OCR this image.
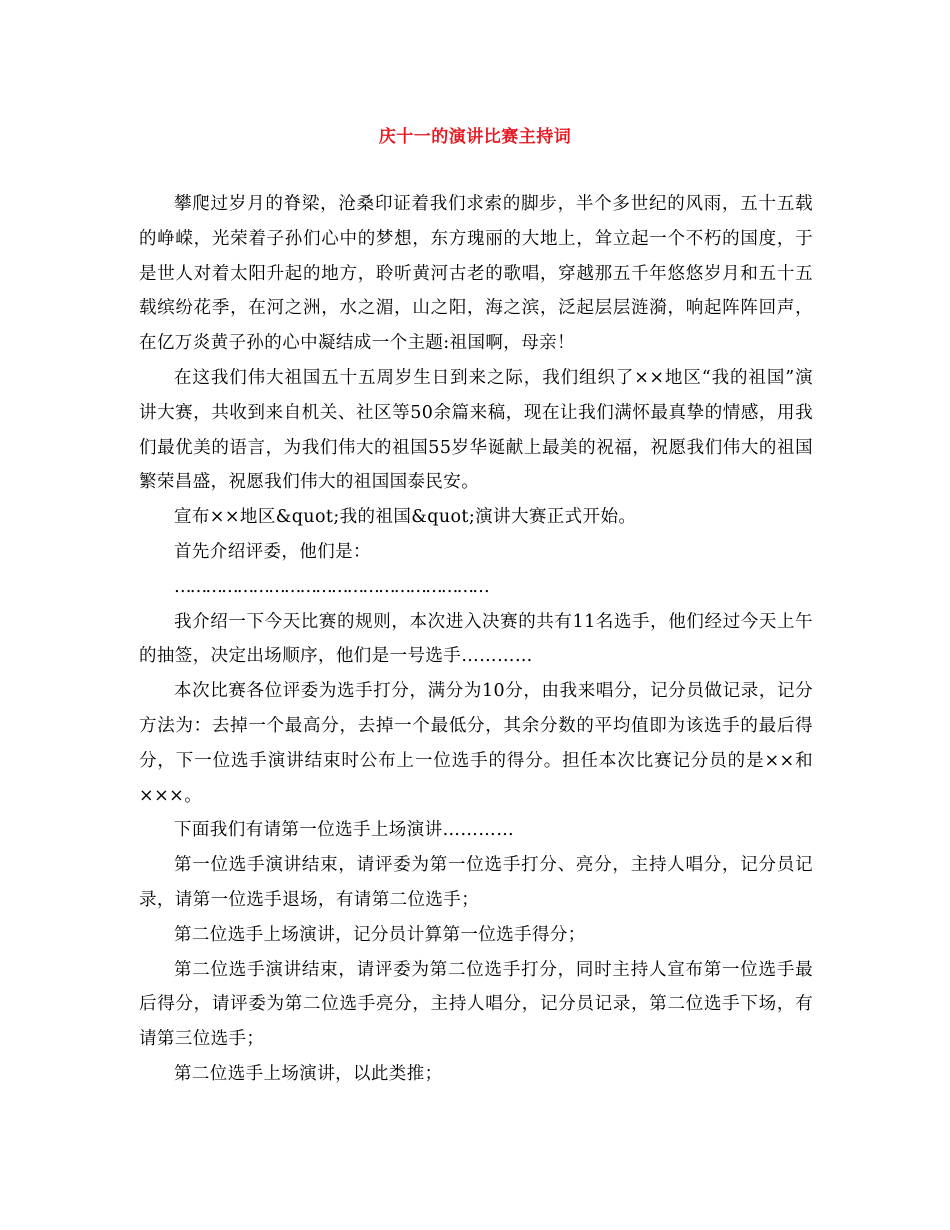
庆十一的演讲比赛主持词

攀爬过岁月的脊梁，沧桑印证着我们求索的脚步，半个多世纪的风雨，五十五载的峥嵘，光荣着子孙们心中的梦想，东方瑰丽的大地上，耸立起一个不朽的国度，于是世人对着太阳升起的地方，聆听黄河古老的歌唱，穿越那五千年悠悠岁月和五十五载缤纷花季，在河之洲，水之湄，山之阳，海之滨，泛起层层涟漪，响起阵阵回声，在亿万炎黄子孙的心中凝结成一个主题:祖国啊，母亲！

在这我们伟大祖国五十五周岁生日到来之际，我们组织了××地区“我的祖国”演讲大赛，共收到来自机关、社区等50余篇来稿，现在让我们满怀最真挚的情感，用我们最优美的语言，为我们伟大的祖国55岁华诞献上最美的祝福，祝愿我们伟大的祖国繁荣昌盛，祝愿我们伟大的祖国国泰民安。

宣布××地区&quot;我的祖国&quot;演讲大赛正式开始。

首先介绍评委，他们是：

……………………………………………………

我介绍一下今天比赛的规则，本次进入决赛的共有11名选手，他们经过今天上午的抽签，决定出场顺序，他们是一号选手…………

本次比赛各位评委为选手打分，满分为10分，由我来唱分，记分员做记录，记分方法为：去掉一个最高分，去掉一个最低分，其余分数的平均值即为该选手的最后得分，下一位选手演讲结束时公布上一位选手的得分。担任本次比赛记分员的是××和×××。

下面我们有请第一位选手上场演讲…………

第一位选手演讲结束，请评委为第一位选手打分、亮分，主持人唱分，记分员记录，请第一位选手退场，有请第二位选手；

第二位选手上场演讲，记分员计算第一位选手得分；

第二位选手演讲结束，请评委为第二位选手打分，同时主持人宣布第一位选手最后得分，请评委为第二位选手亮分，主持人唱分，记分员记录，第二位选手下场，有请第三位选手；

第二位选手上场演讲，以此类推；
